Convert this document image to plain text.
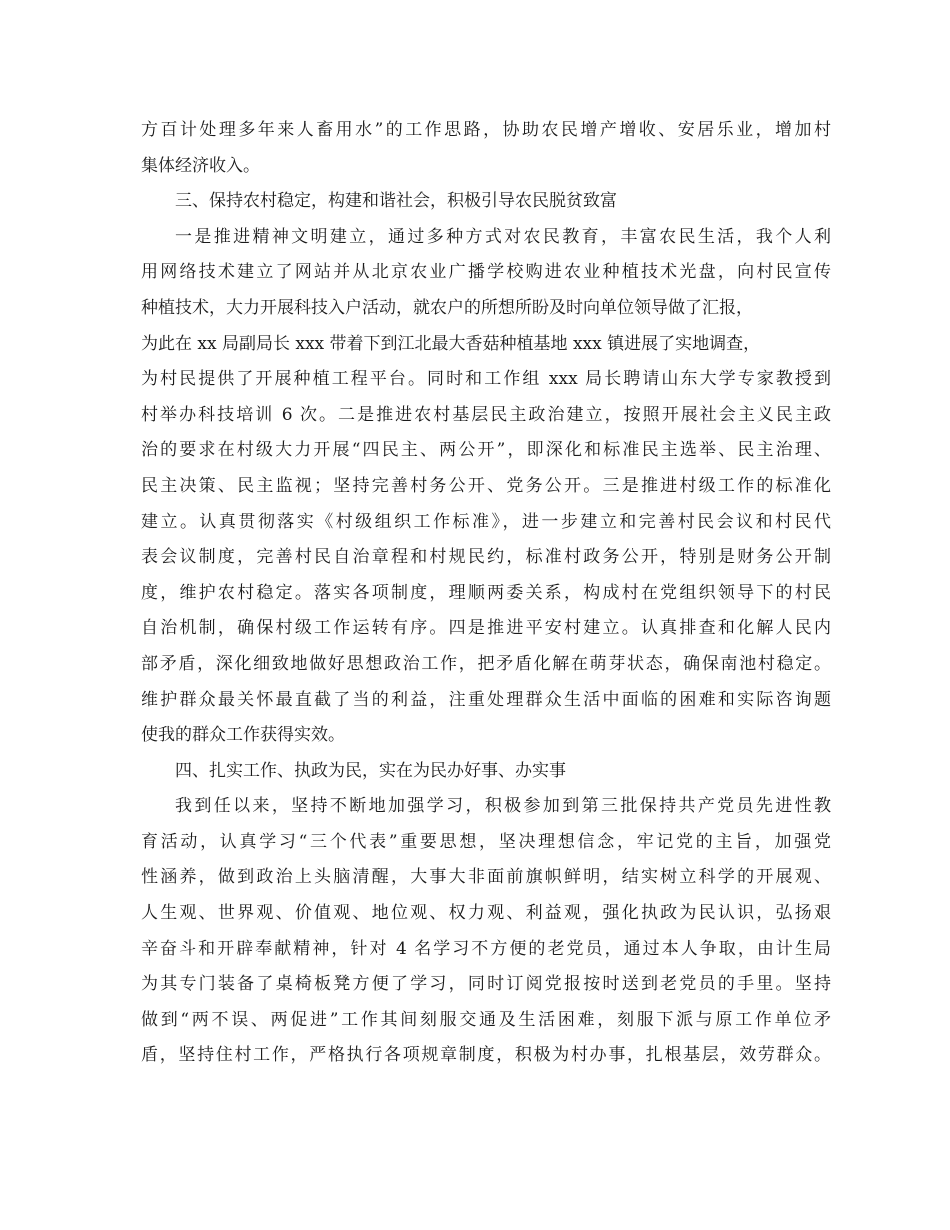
方百计处理多年来人畜用水”的工作思路，协助农民增产增收、安居乐业，增加村
集体经济收入。
三、保持农村稳定，构建和谐社会，积极引导农民脱贫致富
一是推进精神文明建立，通过多种方式对农民教育，丰富农民生活，我个人利
用网络技术建立了网站并从北京农业广播学校购进农业种植技术光盘，向村民宣传
种植技术，大力开展科技入户活动，就农户的所想所盼及时向单位领导做了汇报，
为此在 xx 局副局长 xxx 带着下到江北最大香菇种植基地 xxx 镇进展了实地调查，
为村民提供了开展种植工程平台。同时和工作组 xxx 局长聘请山东大学专家教授到
村举办科技培训 6 次。二是推进农村基层民主政治建立，按照开展社会主义民主政
治的要求在村级大力开展“四民主、两公开”，即深化和标准民主选举、民主治理、
民主决策、民主监视；坚持完善村务公开、党务公开。三是推进村级工作的标准化
建立。认真贯彻落实《村级组织工作标准》，进一步建立和完善村民会议和村民代
表会议制度，完善村民自治章程和村规民约，标准村政务公开，特别是财务公开制
度，维护农村稳定。落实各项制度，理顺两委关系，构成村在党组织领导下的村民
自治机制，确保村级工作运转有序。四是推进平安村建立。认真排查和化解人民内
部矛盾，深化细致地做好思想政治工作，把矛盾化解在萌芽状态，确保南池村稳定。
维护群众最关怀最直截了当的利益，注重处理群众生活中面临的困难和实际咨询题
使我的群众工作获得实效。
四、扎实工作、执政为民，实在为民办好事、办实事
我到任以来，坚持不断地加强学习，积极参加到第三批保持共产党员先进性教
育活动，认真学习“三个代表”重要思想，坚决理想信念，牢记党的主旨，加强党
性涵养，做到政治上头脑清醒，大事大非面前旗帜鲜明，结实树立科学的开展观、
人生观、世界观、价值观、地位观、权力观、利益观，强化执政为民认识，弘扬艰
辛奋斗和开辟奉献精神，针对 4 名学习不方便的老党员，通过本人争取，由计生局
为其专门装备了桌椅板凳方便了学习，同时订阅党报按时送到老党员的手里。坚持
做到“两不误、两促进”工作其间刻服交通及生活困难，刻服下派与原工作单位矛
盾，坚持住村工作，严格执行各项规章制度，积极为村办事，扎根基层，效劳群众。
